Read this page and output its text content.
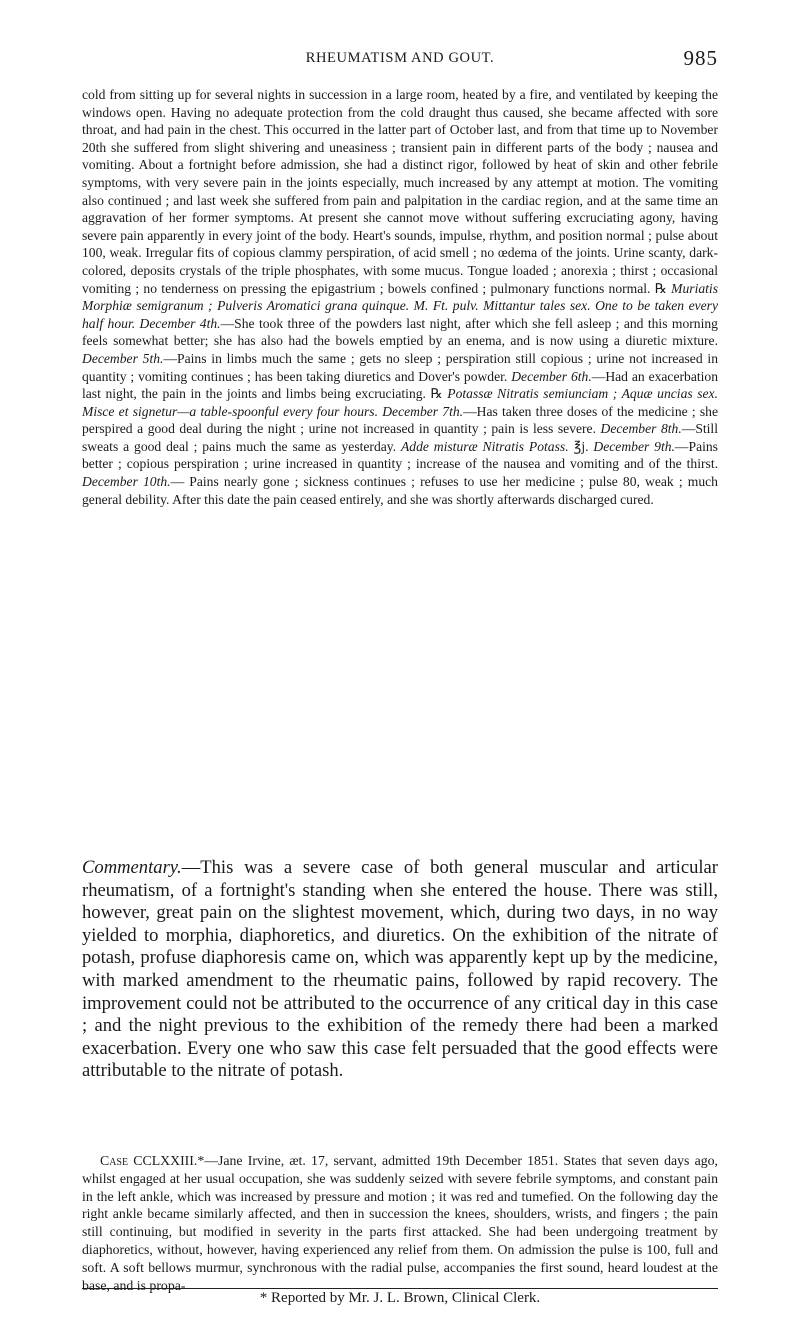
RHEUMATISM AND GOUT.	985

cold from sitting up for several nights in succession in a large room, heated by a fire, and ventilated by keeping the windows open. Having no adequate protection from the cold draught thus caused, she became affected with sore throat, and had pain in the chest. This occurred in the latter part of October last, and from that time up to November 20th she suffered from slight shivering and uneasiness ; transient pain in different parts of the body ; nausea and vomiting. About a fortnight before admission, she had a distinct rigor, followed by heat of skin and other febrile symptoms, with very severe pain in the joints especially, much increased by any attempt at motion. The vomiting also continued ; and last week she suffered from pain and palpitation in the cardiac region, and at the same time an aggravation of her former symptoms. At present she cannot move without suffering excruciating agony, having severe pain apparently in every joint of the body. Heart's sounds, impulse, rhythm, and position normal ; pulse about 100, weak. Irregular fits of copious clammy perspiration, of acid smell ; no œdema of the joints. Urine scanty, dark-colored, deposits crystals of the triple phosphates, with some mucus. Tongue loaded ; anorexia ; thirst ; occasional vomiting ; no tenderness on pressing the epigastrium ; bowels confined ; pulmonary functions normal. ℞ Muriatis Morphiæ semigranum ; Pulveris Aromatici grana quinque. M. Ft. pulv. Mittantur tales sex. One to be taken every half hour. December 4th.—She took three of the powders last night, after which she fell asleep ; and this morning feels somewhat better; she has also had the bowels emptied by an enema, and is now using a diuretic mixture. December 5th.—Pains in limbs much the same ; gets no sleep ; perspiration still copious ; urine not increased in quantity ; vomiting continues ; has been taking diuretics and Dover's powder. December 6th.—Had an exacerbation last night, the pain in the joints and limbs being excruciating. ℞ Potassæ Nitratis semiunciam ; Aquæ uncias sex. Misce et signetur—a table-spoonful every four hours. December 7th.—Has taken three doses of the medicine ; she perspired a good deal during the night ; urine not increased in quantity ; pain is less severe. December 8th.—Still sweats a good deal ; pains much the same as yesterday. Adde misturæ Nitratis Potass. ℥j. December 9th.—Pains better ; copious perspiration ; urine increased in quantity ; increase of the nausea and vomiting and of the thirst. December 10th.— Pains nearly gone ; sickness continues ; refuses to use her medicine ; pulse 80, weak ; much general debility. After this date the pain ceased entirely, and she was shortly afterwards discharged cured.

Commentary.—This was a severe case of both general muscular and articular rheumatism, of a fortnight's standing when she entered the house. There was still, however, great pain on the slightest movement, which, during two days, in no way yielded to morphia, diaphoretics, and diuretics. On the exhibition of the nitrate of potash, profuse diaphoresis came on, which was apparently kept up by the medicine, with marked amendment to the rheumatic pains, followed by rapid recovery. The improvement could not be attributed to the occurrence of any critical day in this case ; and the night previous to the exhibition of the remedy there had been a marked exacerbation. Every one who saw this case felt persuaded that the good effects were attributable to the nitrate of potash.

Case CCLXXIII.*—Jane Irvine, æt. 17, servant, admitted 19th December 1851. States that seven days ago, whilst engaged at her usual occupation, she was suddenly seized with severe febrile symptoms, and constant pain in the left ankle, which was increased by pressure and motion ; it was red and tumefied. On the following day the right ankle became similarly affected, and then in succession the knees, shoulders, wrists, and fingers ; the pain still continuing, but modified in severity in the parts first attacked. She had been undergoing treatment by diaphoretics, without, however, having experienced any relief from them. On admission the pulse is 100, full and soft. A soft bellows murmur, synchronous with the radial pulse, accompanies the first sound, heard loudest at the base, and is propa-

* Reported by Mr. J. L. Brown, Clinical Clerk.
